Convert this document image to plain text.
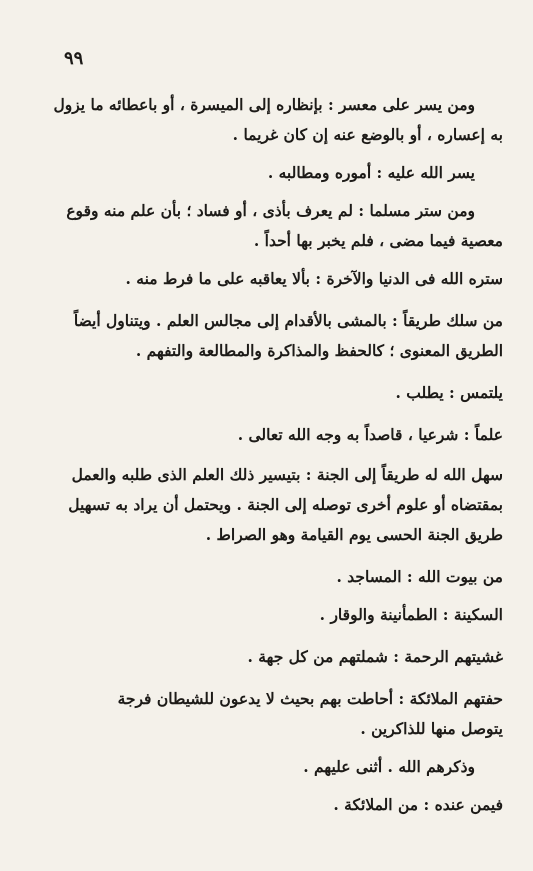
٩٩
ومن يسر على معسر : بإنظاره إلى الميسرة ، أو باعطائه ما يزول
به إعساره ، أو بالوضع عنه إن كان غريما .
يسر الله عليه : أموره ومطالبه .
ومن ستر مسلما : لم يعرف بأذى ، أو فساد ؛ بأن علم منه وقوع
معصية فيما مضى ، فلم يخبر بها أحداً .
ستره الله فى الدنيا والآخرة : بألا يعاقبه على ما فرط منه .
من سلك طريقاً : بالمشى بالأقدام إلى مجالس العلم . ويتناول أيضاً
الطريق المعنوى ؛ كالحفظ والمذاكرة والمطالعة والتفهم .
يلتمس : يطلب .
علماً : شرعيا ، قاصداً به وجه الله تعالى .
سهل الله له طريقاً إلى الجنة : بتيسير ذلك العلم الذى طلبه والعمل
بمقتضاه أو علوم أخرى توصله إلى الجنة . ويحتمل أن يراد به تسهيل
طريق الجنة الحسى يوم القيامة وهو الصراط .
من بيوت الله : المساجد .
السكينة : الطمأنينة والوقار .
غشيتهم الرحمة : شملتهم من كل جهة .
حفتهم الملائكة : أحاطت بهم بحيث لا يدعون للشيطان فرجة
يتوصل منها للذاكرين .
وذكرهم الله . أثنى عليهم .
فيمن عنده : من الملائكة .
